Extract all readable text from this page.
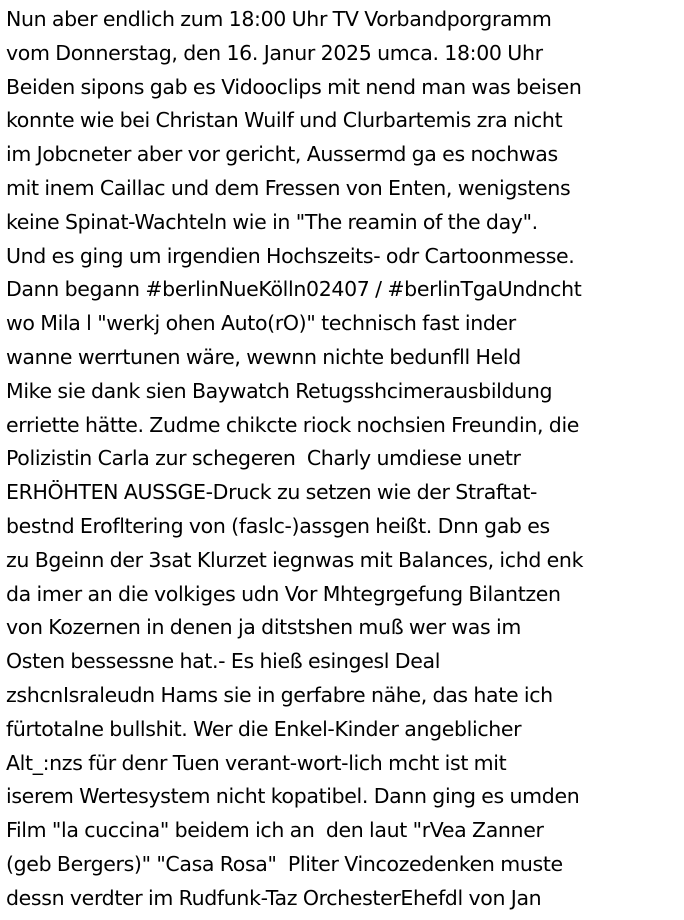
Nun aber endlich zum 18:00 Uhr TV Vorbandporgramm
vom Donnerstag, den 16. Janur 2025 umca. 18:00 Uhr
Beiden sipons gab es Vidooclips mit nend man was beisen
konnte wie bei Christan Wuilf und Clurbartemis zra nicht
im Jobcneter aber vor gericht, Aussermd ga es nochwas
mit inem Caillac und dem Fressen von Enten, wenigstens
keine Spinat-Wachteln wie in "The reamin of the day".
Und es ging um irgendien Hochszeits- odr Cartoonmesse.
Dann begann #berlinNueKölln02407 / #berlinTgaUndncht
wo Mila l "werkj ohen Auto(rO)" technisch fast inder
wanne werrtunen wäre, wewnn nichte bedunfll Held
Mike sie dank sien Baywatch Retugsshcimerausbildung
erriette hätte. Zudme chikcte riock nochsien Freundin, die
Polizistin Carla zur schegeren  Charly umdiese unetr
ERHÖHTEN AUSSGE-Druck zu setzen wie der Straftat-
bestnd Erofltering von (faslc-)assgen heißt. Dnn gab es
zu Bgeinn der 3sat Klurzet iegnwas mit Balances, ichd enk
da imer an die volkiges udn Vor Mhtegrgefung Bilantzen
von Kozernen in denen ja ditstshen muß wer was im
Osten bessessne hat.- Es hieß esingesl Deal
zshcnIsraleudn Hams sie in gerfabre nähe, das hate ich
fürtotalne bullshit. Wer die Enkel-Kinder angeblicher
Alt_:nzs für denr Tuen verant-wort-lich mcht ist mit
iserem Wertesystem nicht kopatibel. Dann ging es umden
Film "la cuccina" beidem ich an  den laut "rVea Zanner
(geb Bergers)" "Casa Rosa"  Pliter Vincozedenken muste
dessn verdter im Rudfunk-Taz OrchesterEhefdl von Jan
